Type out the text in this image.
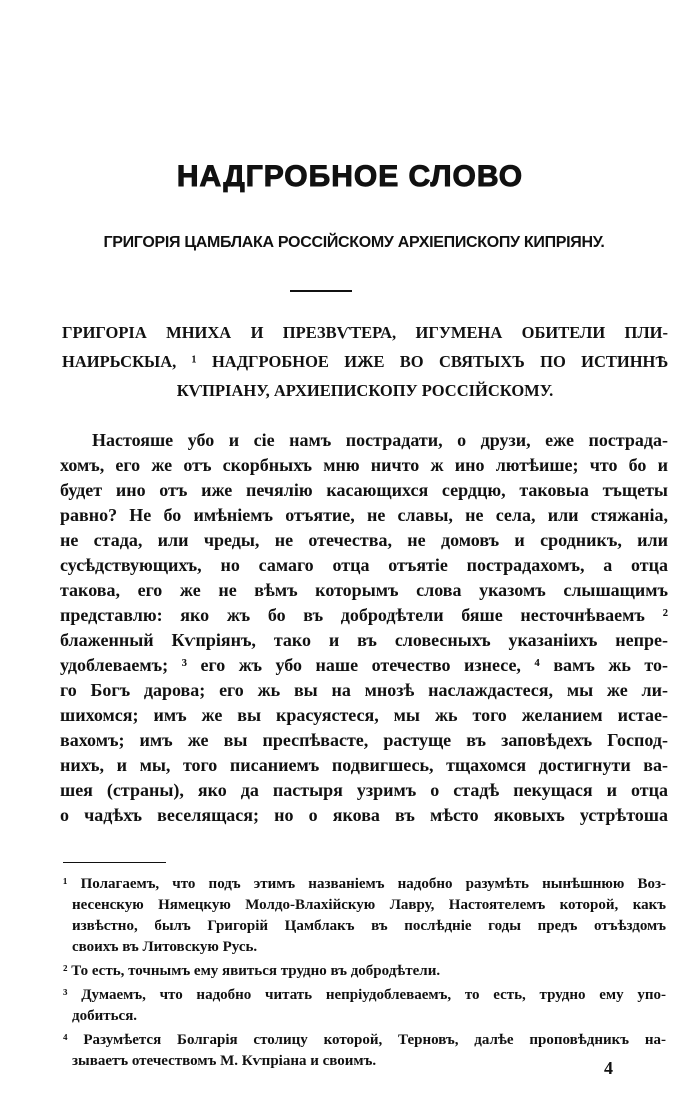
НАДГРОБНОЕ СЛОВО
ГРИГОРІЯ ЦАМБЛАКА РОССІЙСКОМУ АРХІЕПИСКОПУ КИПРІЯНУ.
ГРИГОРІА МНИХА И ПРЕЗВѴТЕРА, ИГУМЕНА ОБИТЕЛИ ПЛИ-
НАИРЬСКЫА, ¹ НАДГРОБНОЕ ИЖЕ ВО СВЯТЫХЪ ПО ИСТИННѢ
КѴПРІАНУ, АРХИЕПИСКОПУ РОССІЙСКОМУ.
Настояше убо и сіе намъ пострадати, о друзи, еже пострада-
хомъ, его же отъ скорбныхъ мню ничто ж ино лютѣише; что бо и
будет ино отъ иже печялію касающихся сердцю, таковыа тъщеты
равно? Не бо имѣніемъ отъятие, не славы, не села, или стяжаніа,
не стада, или чреды, не отечества, не домовъ и сродникъ, или
сусѣдствующихъ, но самаго отца отъятіе пострадахомъ, а отца
такова, его же не вѣмъ которымъ слова указомъ слышащимъ
представлю: яко жъ бо въ добродѣтели бяше несточнѣваемъ ²
блаженный Кѵпріянъ, тако и въ словесныхъ указаніихъ непре-
удоблеваемъ; ³ его жъ убо наше отечество изнесе, ⁴ вамъ жь то-
го Богъ дарова; его жь вы на мнозѣ наслаждастеся, мы же ли-
шихомся; имъ же вы красуястеся, мы жь того желанием истае-
вахомъ; имъ же вы преспѣвасте, растуще въ заповѣдехъ Господ-
нихъ, и мы, того писаниемъ подвигшесь, тщахомся достигнути ва-
шея (страны), яко да пастыря узримъ о стадѣ пекущася и отца
о чадѣхъ веселящася; но о якова въ мѣсто яковыхъ устрѣтоша
¹ Полагаемъ, что подъ этимъ названіемъ надобно разумѣть нынѣшнюю Воз-
несенскую Нямецкую Молдо-Влахійскую Лавру, Настоятелемъ которой, какъ
извѣстно, былъ Григорій Цамблакъ въ послѣдніе годы предъ отъѣздомъ
своихъ въ Литовскую Русь.
² То есть, точнымъ ему явиться трудно въ добродѣтели.
³ Думаемъ, что надобно читать непріудоблеваемъ, то есть, трудно ему упо-
добиться.
⁴ Разумѣется Болгарія столицу которой, Терновъ, далѣе проповѣдникъ на-
зываетъ отечествомъ М. Кѵпріана и своимъ.	4
